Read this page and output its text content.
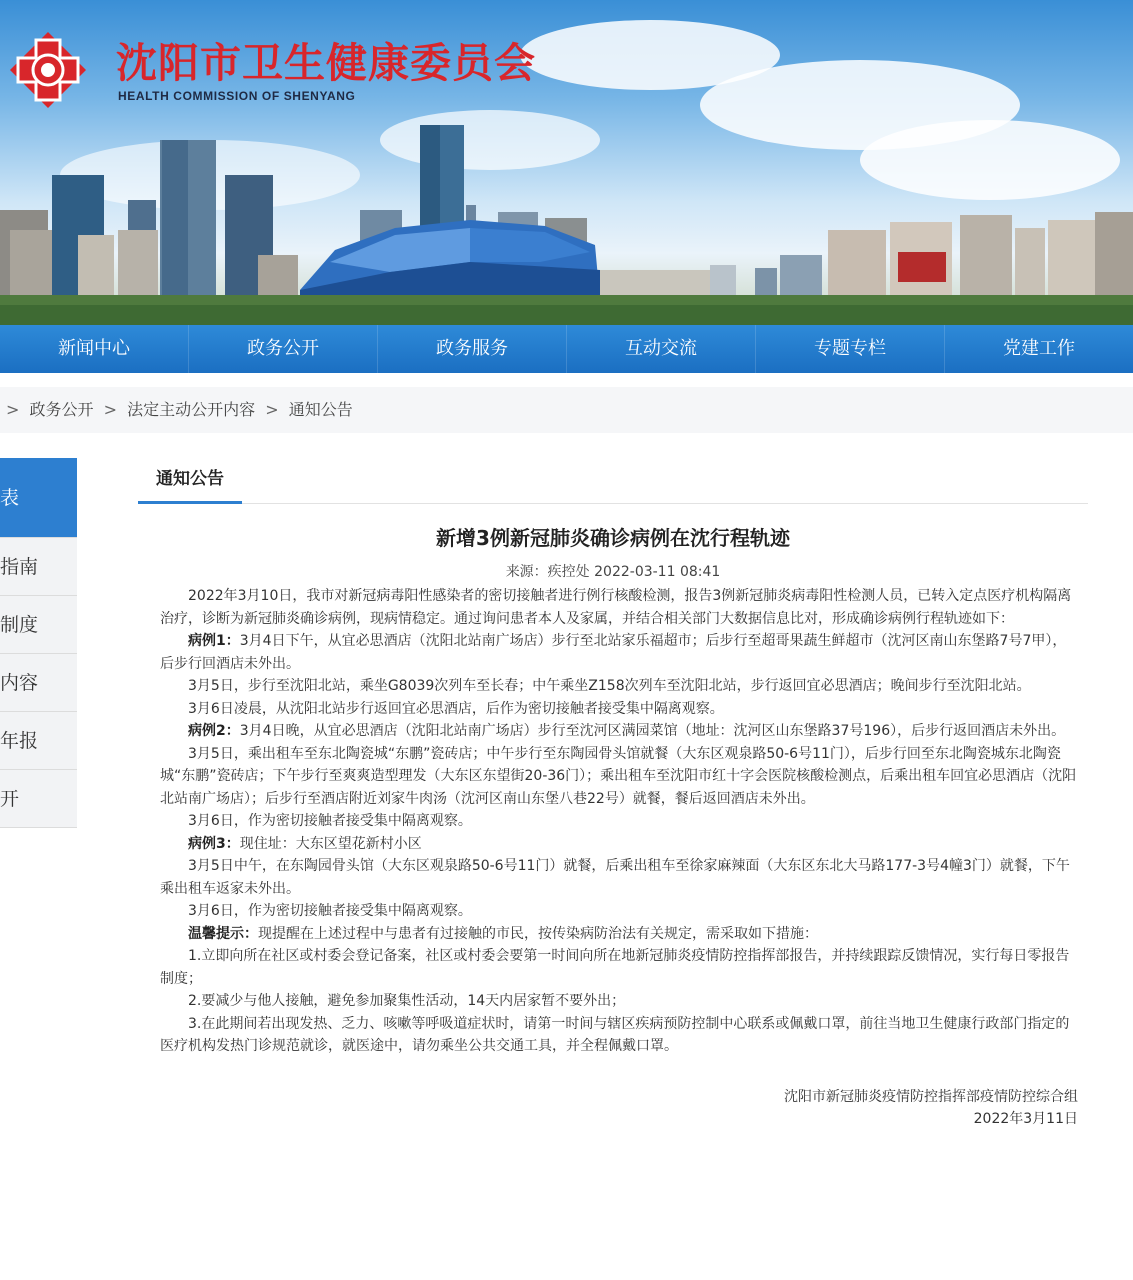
沈阳市卫生健康委员会
HEALTH COMMISSION OF SHENYANG
新闻中心	政务公开	政务服务	互动交流	专题专栏	党建工作
> 政务公开 > 法定主动公开内容 > 通知公告
表
指南
制度
内容
年报
开
通知公告
新增3例新冠肺炎确诊病例在沈行程轨迹
来源：疾控处 2022-03-11 08:41

2022年3月10日，我市对新冠病毒阳性感染者的密切接触者进行例行核酸检测，报告3例新冠肺炎病毒阳性检测人员，已转入定点医疗机构隔离治疗，诊断为新冠肺炎确诊病例，现病情稳定。通过询问患者本人及家属，并结合相关部门大数据信息比对，形成确诊病例行程轨迹如下：

病例1：3月4日下午，从宜必思酒店（沈阳北站南广场店）步行至北站家乐福超市；后步行至超哥果蔬生鲜超市（沈河区南山东堡路7号7甲），后步行回酒店未外出。

3月5日，步行至沈阳北站，乘坐G8039次列车至长春；中午乘坐Z158次列车至沈阳北站，步行返回宜必思酒店；晚间步行至沈阳北站。

3月6日凌晨，从沈阳北站步行返回宜必思酒店，后作为密切接触者接受集中隔离观察。

病例2：3月4日晚，从宜必思酒店（沈阳北站南广场店）步行至沈河区满园菜馆（地址：沈河区山东堡路37号196），后步行返回酒店未外出。

3月5日，乘出租车至东北陶瓷城“东鹏”瓷砖店；中午步行至东陶园骨头馆就餐（大东区观泉路50-6号11门），后步行回至东北陶瓷城东北陶瓷城“东鹏”瓷砖店；下午步行至爽爽造型理发（大东区东望街20-36门）；乘出租车至沈阳市红十字会医院核酸检测点，后乘出租车回宜必思酒店（沈阳北站南广场店）；后步行至酒店附近刘家牛肉汤（沈河区南山东堡八巷22号）就餐，餐后返回酒店未外出。

3月6日，作为密切接触者接受集中隔离观察。

病例3：现住址：大东区望花新村小区

3月5日中午，在东陶园骨头馆（大东区观泉路50-6号11门）就餐，后乘出租车至徐家麻辣面（大东区东北大马路177-3号4幢3门）就餐，下午乘出租车返家未外出。

3月6日，作为密切接触者接受集中隔离观察。

温馨提示：现提醒在上述过程中与患者有过接触的市民，按传染病防治法有关规定，需采取如下措施：

1.立即向所在社区或村委会登记备案，社区或村委会要第一时间向所在地新冠肺炎疫情防控指挥部报告，并持续跟踪反馈情况，实行每日零报告制度；

2.要减少与他人接触，避免参加聚集性活动，14天内居家暂不要外出；

3.在此期间若出现发热、乏力、咳嗽等呼吸道症状时，请第一时间与辖区疾病预防控制中心联系或佩戴口罩，前往当地卫生健康行政部门指定的医疗机构发热门诊规范就诊，就医途中，请勿乘坐公共交通工具，并全程佩戴口罩。

沈阳市新冠肺炎疫情防控指挥部疫情防控综合组
2022年3月11日
